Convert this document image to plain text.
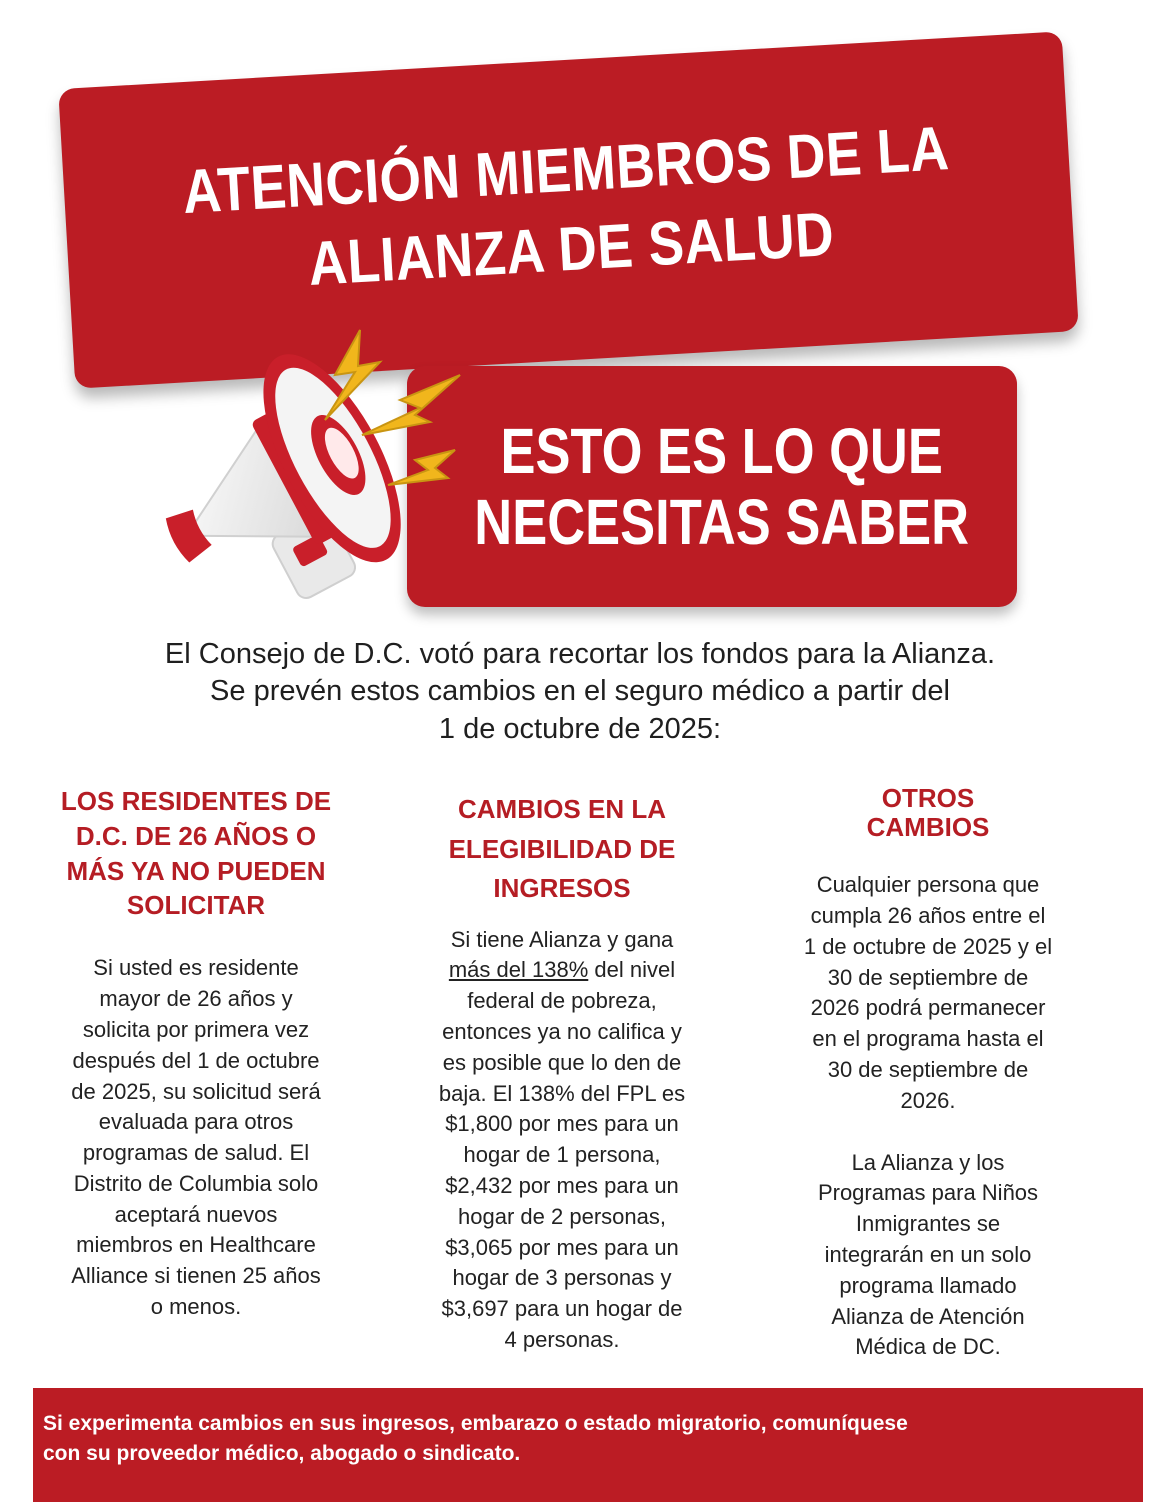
ATENCIÓN MIEMBROS DE LA
ALIANZA DE SALUD
ESTO ES LO QUE
NECESITAS SABER
El Consejo de D.C. votó para recortar los fondos para la Alianza.
Se prevén estos cambios en el seguro médico a partir del
1 de octubre de 2025:
LOS RESIDENTES DE
D.C. DE 26 AÑOS O
MÁS YA NO PUEDEN
SOLICITAR

Si usted es residente
mayor de 26 años y
solicita por primera vez
después del 1 de octubre
de 2025, su solicitud será
evaluada para otros
programas de salud. El
Distrito de Columbia solo
aceptará nuevos
miembros en Healthcare
Alliance si tienen 25 años
o menos.

CAMBIOS EN LA
ELEGIBILIDAD DE
INGRESOS

Si tiene Alianza y gana
más del 138% del nivel
federal de pobreza,
entonces ya no califica y
es posible que lo den de
baja. El 138% del FPL es
$1,800 por mes para un
hogar de 1 persona,
$2,432 por mes para un
hogar de 2 personas,
$3,065 por mes para un
hogar de 3 personas y
$3,697 para un hogar de
4 personas.

OTROS
CAMBIOS

Cualquier persona que
cumpla 26 años entre el
1 de octubre de 2025 y el
30 de septiembre de
2026 podrá permanecer
en el programa hasta el
30 de septiembre de
2026.

La Alianza y los
Programas para Niños
Inmigrantes se
integrarán en un solo
programa llamado
Alianza de Atención
Médica de DC.

Si experimenta cambios en sus ingresos, embarazo o estado migratorio, comuníquese
con su proveedor médico, abogado o sindicato.
